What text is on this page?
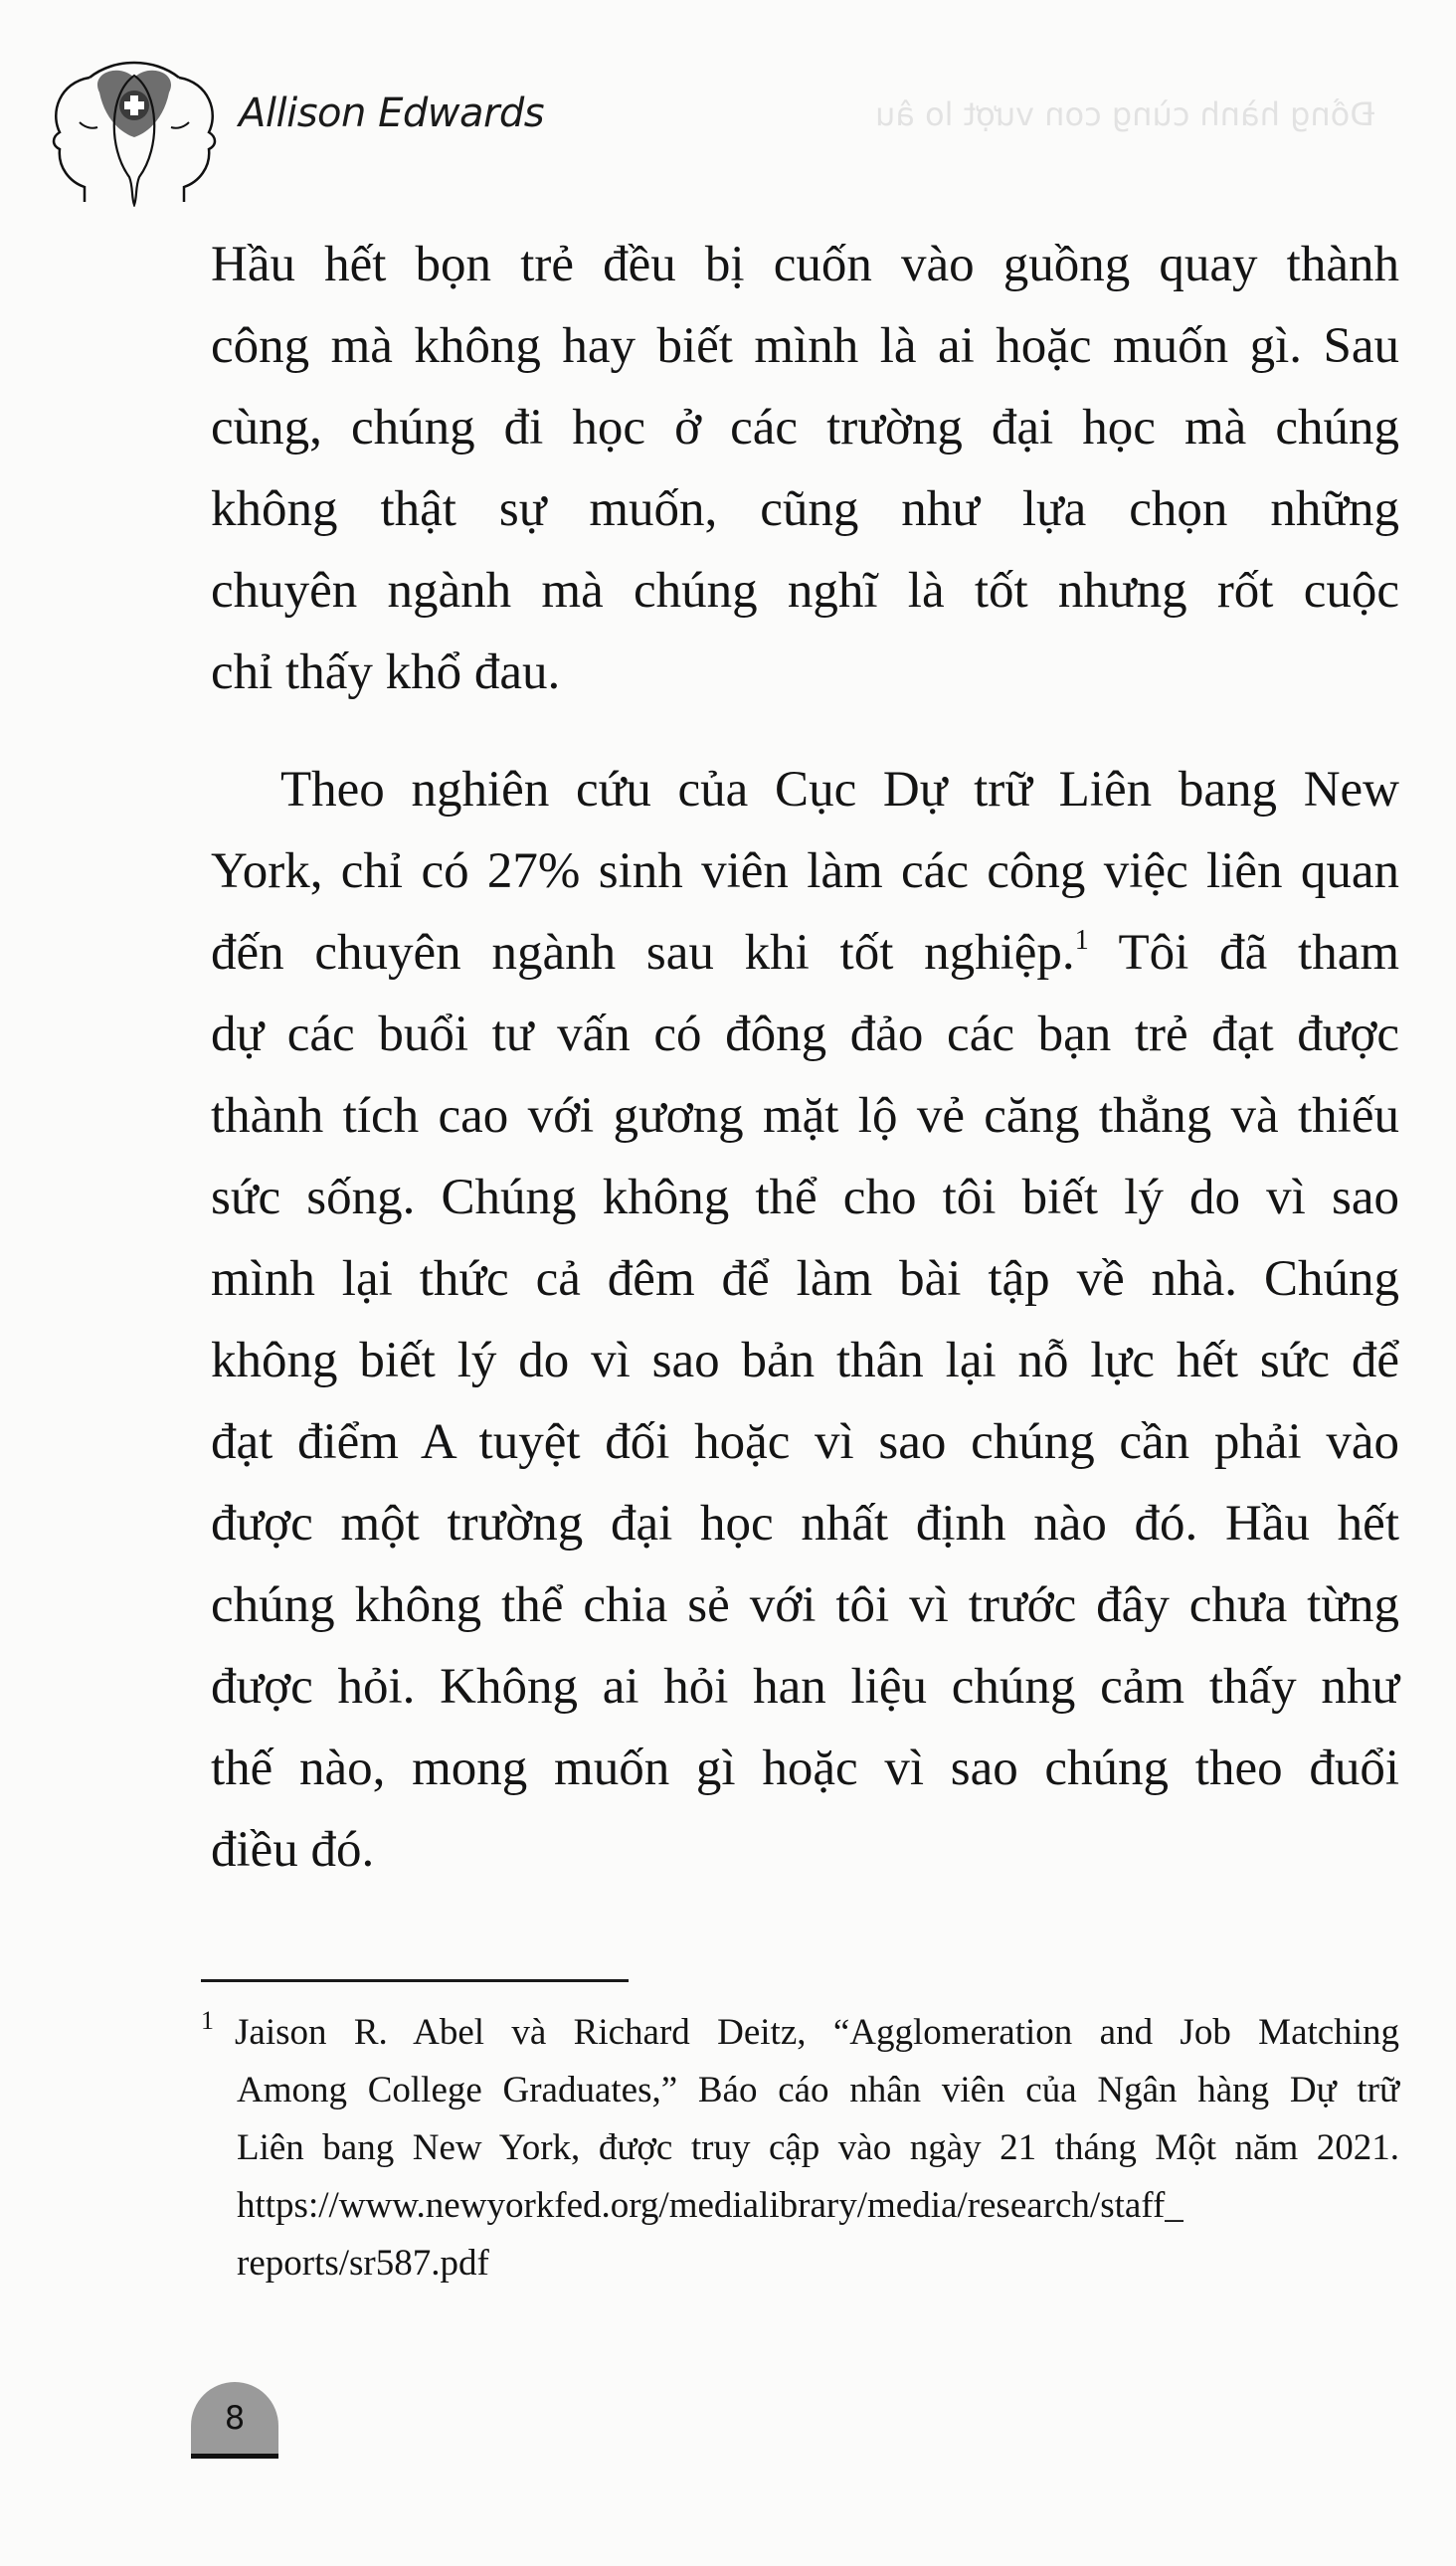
Allison Edwards	Đồng hành cùng con vượt lo âu
Hầu hết bọn trẻ đều bị cuốn vào guồng quay thành
công mà không hay biết mình là ai hoặc muốn gì. Sau
cùng, chúng đi học ở các trường đại học mà chúng
không thật sự muốn, cũng như lựa chọn những
chuyên ngành mà chúng nghĩ là tốt nhưng rốt cuộc
chỉ thấy khổ đau.
Theo nghiên cứu của Cục Dự trữ Liên bang New
York, chỉ có 27% sinh viên làm các công việc liên quan
đến chuyên ngành sau khi tốt nghiệp.$^1$ Tôi đã tham
dự các buổi tư vấn có đông đảo các bạn trẻ đạt được
thành tích cao với gương mặt lộ vẻ căng thẳng và thiếu
sức sống. Chúng không thể cho tôi biết lý do vì sao
mình lại thức cả đêm để làm bài tập về nhà. Chúng
không biết lý do vì sao bản thân lại nỗ lực hết sức để
đạt điểm A tuyệt đối hoặc vì sao chúng cần phải vào
được một trường đại học nhất định nào đó. Hầu hết
chúng không thể chia sẻ với tôi vì trước đây chưa từng
được hỏi. Không ai hỏi han liệu chúng cảm thấy như
thế nào, mong muốn gì hoặc vì sao chúng theo đuổi
điều đó.
1 Jaison R. Abel và Richard Deitz, “Agglomeration and Job Matching
Among College Graduates,” Báo cáo nhân viên của Ngân hàng Dự trữ
Liên bang New York, được truy cập vào ngày 21 tháng Một năm 2021.
https://www.newyorkfed.org/medialibrary/media/research/staff_
reports/sr587.pdf
8
